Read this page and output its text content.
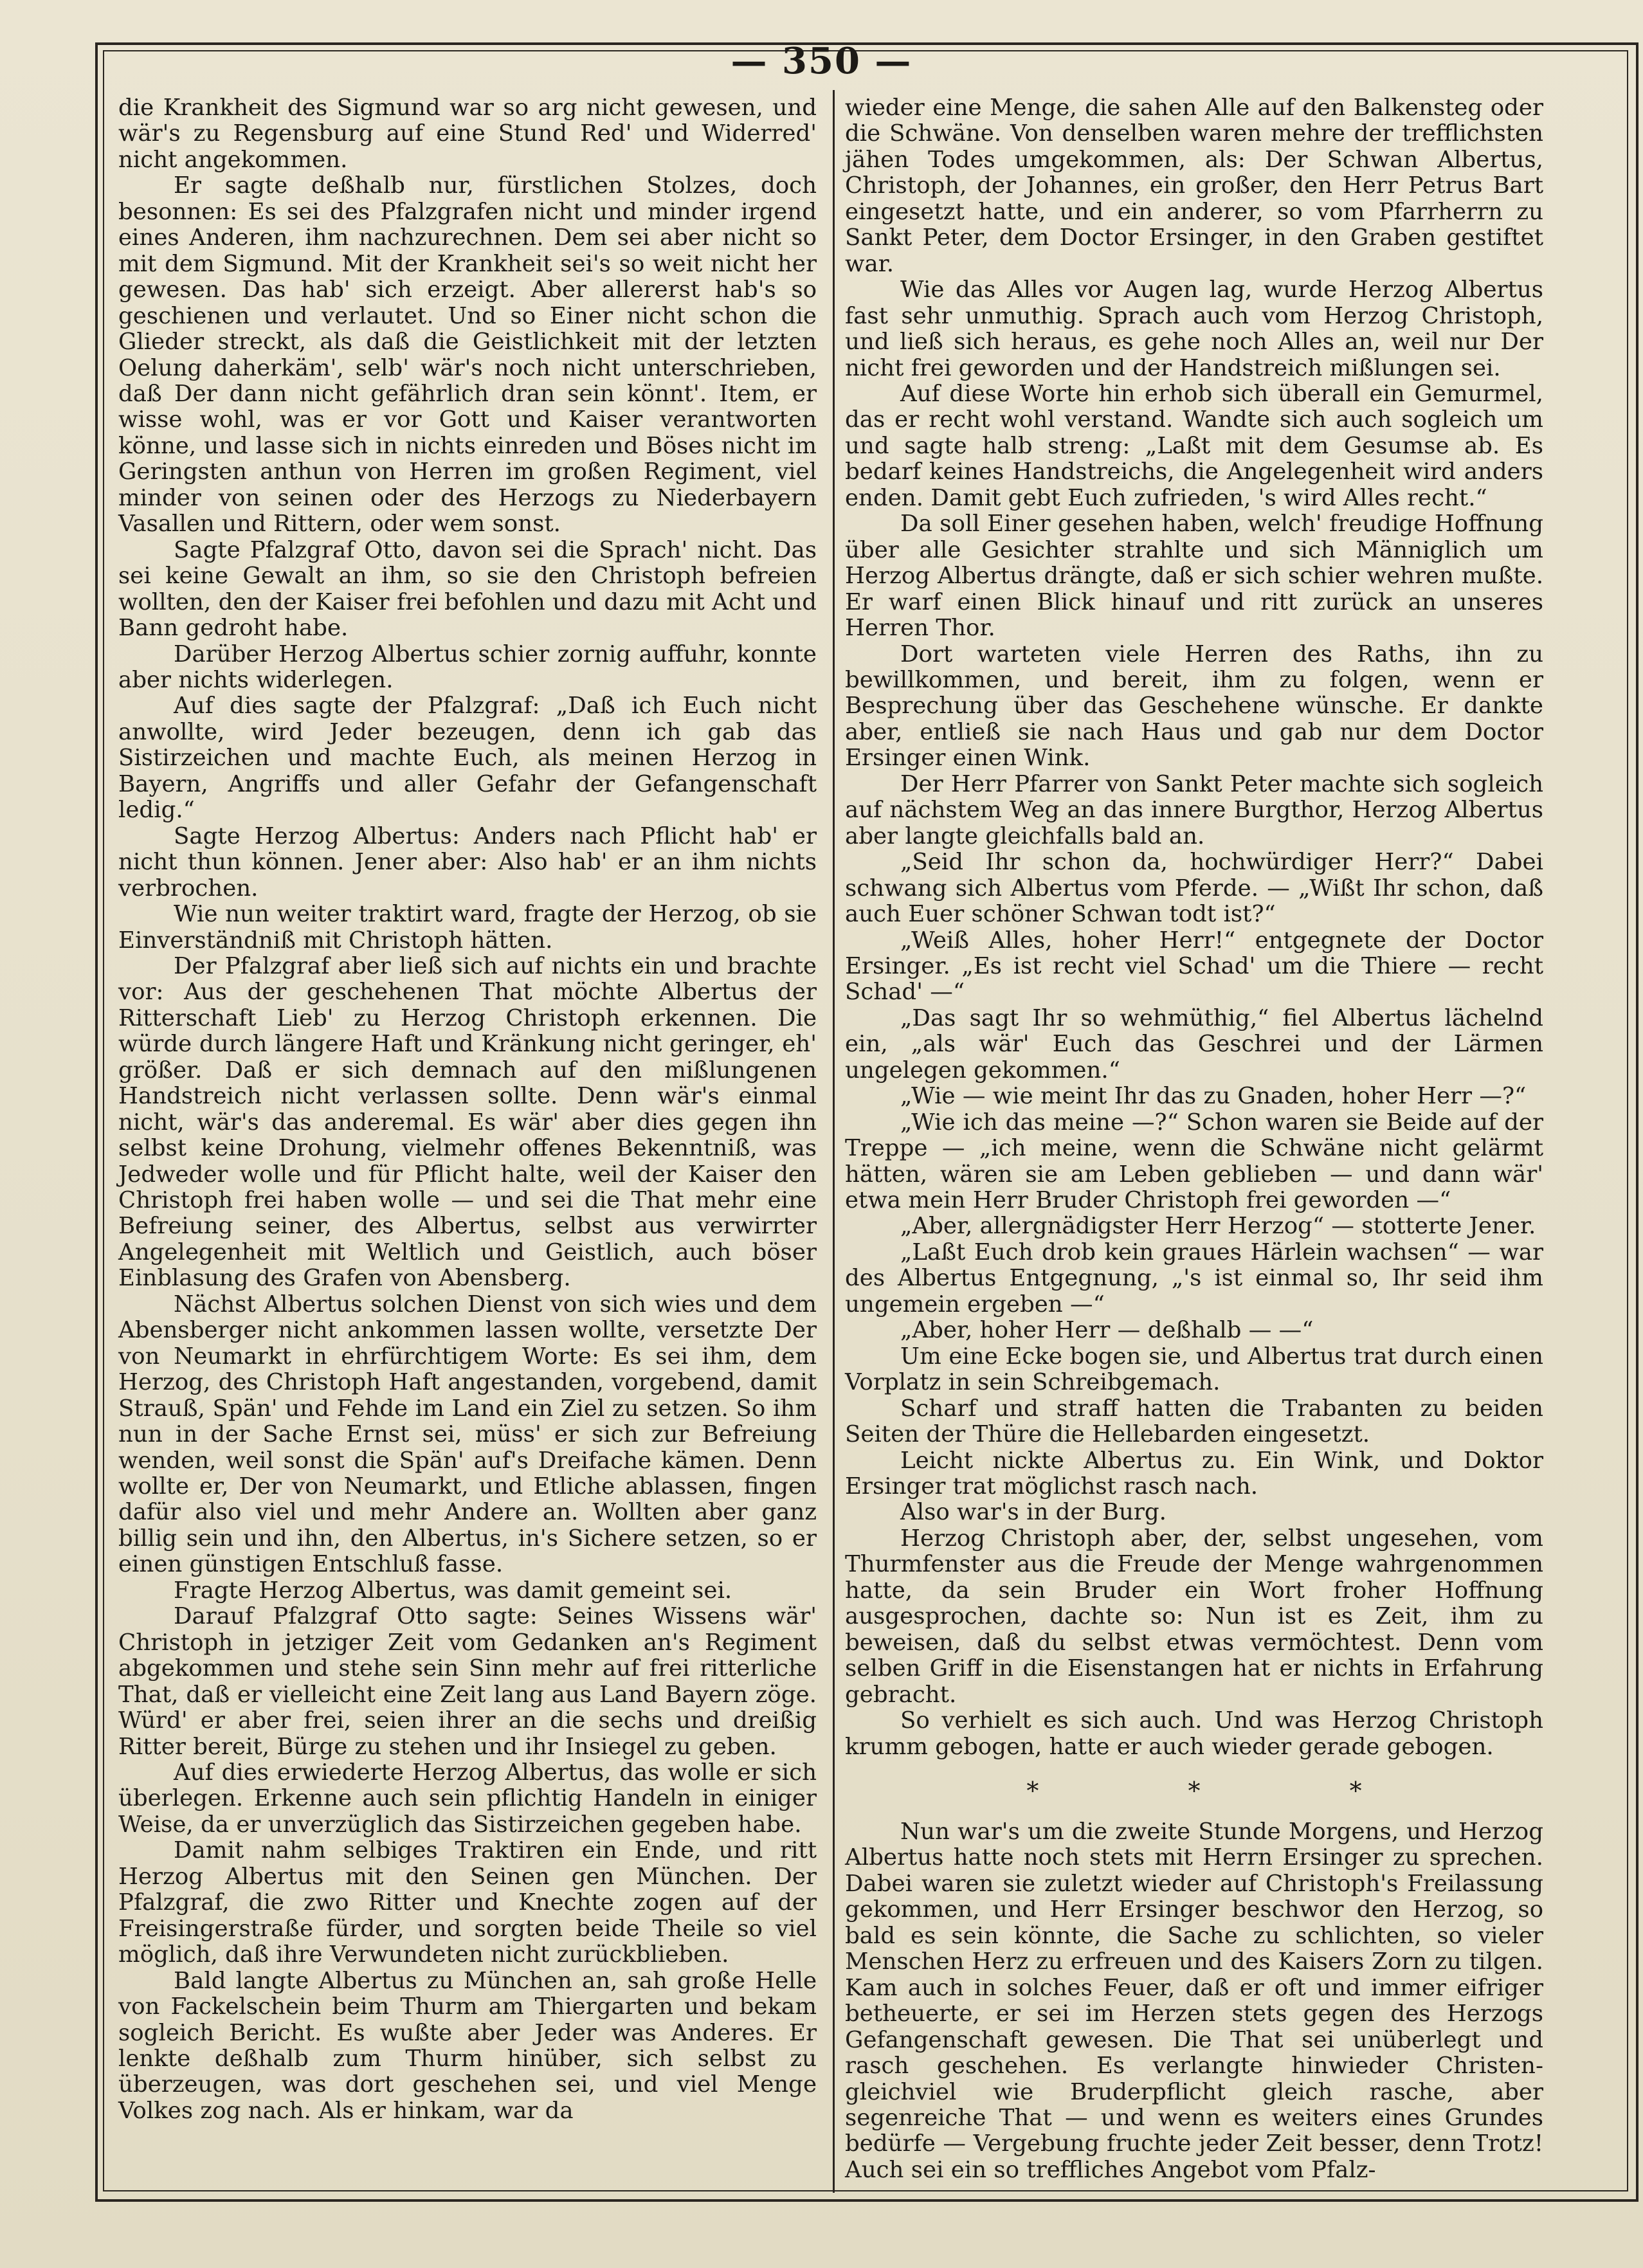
— 350 —

die Krankheit des Sigmund war so arg nicht gewesen, und wär's zu Regensburg auf eine Stund Red' und Widerred' nicht angekommen.

Er sagte deßhalb nur, fürstlichen Stolzes, doch besonnen: Es sei des Pfalzgrafen nicht und minder irgend eines Anderen, ihm nachzurechnen. Dem sei aber nicht so mit dem Sigmund. Mit der Krankheit sei's so weit nicht her gewesen. Das hab' sich erzeigt. Aber allererst hab's so geschienen und verlautet. Und so Einer nicht schon die Glieder streckt, als daß die Geistlichkeit mit der letzten Oelung daherkäm', selb' wär's noch nicht unterschrieben, daß Der dann nicht gefährlich dran sein könnt'. Item, er wisse wohl, was er vor Gott und Kaiser verantworten könne, und lasse sich in nichts einreden und Böses nicht im Geringsten anthun von Herren im großen Regiment, viel minder von seinen oder des Herzogs zu Niederbayern Vasallen und Rittern, oder wem sonst.

Sagte Pfalzgraf Otto, davon sei die Sprach' nicht. Das sei keine Gewalt an ihm, so sie den Christoph befreien wollten, den der Kaiser frei befohlen und dazu mit Acht und Bann gedroht habe.

Darüber Herzog Albertus schier zornig auffuhr, konnte aber nichts widerlegen.

Auf dies sagte der Pfalzgraf: „Daß ich Euch nicht anwollte, wird Jeder bezeugen, denn ich gab das Sistirzeichen und machte Euch, als meinen Herzog in Bayern, Angriffs und aller Gefahr der Gefangenschaft ledig.“

Sagte Herzog Albertus: Anders nach Pflicht hab' er nicht thun können. Jener aber: Also hab' er an ihm nichts verbrochen.

Wie nun weiter traktirt ward, fragte der Herzog, ob sie Einverständniß mit Christoph hätten.

Der Pfalzgraf aber ließ sich auf nichts ein und brachte vor: Aus der geschehenen That möchte Albertus der Ritterschaft Lieb' zu Herzog Christoph erkennen. Die würde durch längere Haft und Kränkung nicht geringer, eh' größer. Daß er sich demnach auf den mißlungenen Handstreich nicht verlassen sollte. Denn wär's einmal nicht, wär's das anderemal. Es wär' aber dies gegen ihn selbst keine Drohung, vielmehr offenes Bekenntniß, was Jedweder wolle und für Pflicht halte, weil der Kaiser den Christoph frei haben wolle — und sei die That mehr eine Befreiung seiner, des Albertus, selbst aus verwirrter Angelegenheit mit Weltlich und Geistlich, auch böser Einblasung des Grafen von Abensberg.

Nächst Albertus solchen Dienst von sich wies und dem Abensberger nicht ankommen lassen wollte, versetzte Der von Neumarkt in ehrfürchtigem Worte: Es sei ihm, dem Herzog, des Christoph Haft angestanden, vorgebend, damit Strauß, Spän' und Fehde im Land ein Ziel zu setzen. So ihm nun in der Sache Ernst sei, müss' er sich zur Befreiung wenden, weil sonst die Spän' auf's Dreifache kämen. Denn wollte er, Der von Neumarkt, und Etliche ablassen, fingen dafür also viel und mehr Andere an. Wollten aber ganz billig sein und ihn, den Albertus, in's Sichere setzen, so er einen günstigen Entschluß fasse.

Fragte Herzog Albertus, was damit gemeint sei.

Darauf Pfalzgraf Otto sagte: Seines Wissens wär' Christoph in jetziger Zeit vom Gedanken an's Regiment abgekommen und stehe sein Sinn mehr auf frei ritterliche That, daß er vielleicht eine Zeit lang aus Land Bayern zöge. Würd' er aber frei, seien ihrer an die sechs und dreißig Ritter bereit, Bürge zu stehen und ihr Insiegel zu geben.

Auf dies erwiederte Herzog Albertus, das wolle er sich überlegen. Erkenne auch sein pflichtig Handeln in einiger Weise, da er unverzüglich das Sistirzeichen gegeben habe.

Damit nahm selbiges Traktiren ein Ende, und ritt Herzog Albertus mit den Seinen gen München. Der Pfalzgraf, die zwo Ritter und Knechte zogen auf der Freisingerstraße fürder, und sorgten beide Theile so viel möglich, daß ihre Verwundeten nicht zurückblieben.

Bald langte Albertus zu München an, sah große Helle von Fackelschein beim Thurm am Thiergarten und bekam sogleich Bericht. Es wußte aber Jeder was Anderes. Er lenkte deßhalb zum Thurm hinüber, sich selbst zu überzeugen, was dort geschehen sei, und viel Menge Volkes zog nach. Als er hinkam, war da

wieder eine Menge, die sahen Alle auf den Balkensteg oder die Schwäne. Von denselben waren mehre der trefflichsten jähen Todes umgekommen, als: Der Schwan Albertus, Christoph, der Johannes, ein großer, den Herr Petrus Bart eingesetzt hatte, und ein anderer, so vom Pfarrherrn zu Sankt Peter, dem Doctor Ersinger, in den Graben gestiftet war.

Wie das Alles vor Augen lag, wurde Herzog Albertus fast sehr unmuthig. Sprach auch vom Herzog Christoph, und ließ sich heraus, es gehe noch Alles an, weil nur Der nicht frei geworden und der Handstreich mißlungen sei.

Auf diese Worte hin erhob sich überall ein Gemurmel, das er recht wohl verstand. Wandte sich auch sogleich um und sagte halb streng: „Laßt mit dem Gesumse ab. Es bedarf keines Handstreichs, die Angelegenheit wird anders enden. Damit gebt Euch zufrieden, 's wird Alles recht.“

Da soll Einer gesehen haben, welch' freudige Hoffnung über alle Gesichter strahlte und sich Männiglich um Herzog Albertus drängte, daß er sich schier wehren mußte. Er warf einen Blick hinauf und ritt zurück an unseres Herren Thor.

Dort warteten viele Herren des Raths, ihn zu bewillkommen, und bereit, ihm zu folgen, wenn er Besprechung über das Geschehene wünsche. Er dankte aber, entließ sie nach Haus und gab nur dem Doctor Ersinger einen Wink.

Der Herr Pfarrer von Sankt Peter machte sich sogleich auf nächstem Weg an das innere Burgthor, Herzog Albertus aber langte gleichfalls bald an.

„Seid Ihr schon da, hochwürdiger Herr?“ Dabei schwang sich Albertus vom Pferde. — „Wißt Ihr schon, daß auch Euer schöner Schwan todt ist?“

„Weiß Alles, hoher Herr!“ entgegnete der Doctor Ersinger. „Es ist recht viel Schad' um die Thiere — recht Schad' —“

„Das sagt Ihr so wehmüthig,“ fiel Albertus lächelnd ein, „als wär' Euch das Geschrei und der Lärmen ungelegen gekommen.“

„Wie — wie meint Ihr das zu Gnaden, hoher Herr —?“

„Wie ich das meine —?“ Schon waren sie Beide auf der Treppe — „ich meine, wenn die Schwäne nicht gelärmt hätten, wären sie am Leben geblieben — und dann wär' etwa mein Herr Bruder Christoph frei geworden —“

„Aber, allergnädigster Herr Herzog“ — stotterte Jener.

„Laßt Euch drob kein graues Härlein wachsen“ — war des Albertus Entgegnung, „'s ist einmal so, Ihr seid ihm ungemein ergeben —“

„Aber, hoher Herr — deßhalb — —“

Um eine Ecke bogen sie, und Albertus trat durch einen Vorplatz in sein Schreibgemach.

Scharf und straff hatten die Trabanten zu beiden Seiten der Thüre die Hellebarden eingesetzt.

Leicht nickte Albertus zu. Ein Wink, und Doktor Ersinger trat möglichst rasch nach.

Also war's in der Burg.

Herzog Christoph aber, der, selbst ungesehen, vom Thurmfenster aus die Freude der Menge wahrgenommen hatte, da sein Bruder ein Wort froher Hoffnung ausgesprochen, dachte so: Nun ist es Zeit, ihm zu beweisen, daß du selbst etwas vermöchtest. Denn vom selben Griff in die Eisenstangen hat er nichts in Erfahrung gebracht.

So verhielt es sich auch. Und was Herzog Christoph krumm gebogen, hatte er auch wieder gerade gebogen.

* * *

Nun war's um die zweite Stunde Morgens, und Herzog Albertus hatte noch stets mit Herrn Ersinger zu sprechen. Dabei waren sie zuletzt wieder auf Christoph's Freilassung gekommen, und Herr Ersinger beschwor den Herzog, so bald es sein könnte, die Sache zu schlichten, so vieler Menschen Herz zu erfreuen und des Kaisers Zorn zu tilgen. Kam auch in solches Feuer, daß er oft und immer eifriger betheuerte, er sei im Herzen stets gegen des Herzogs Gefangenschaft gewesen. Die That sei unüberlegt und rasch geschehen. Es verlangte hinwieder Christen- gleichviel wie Bruderpflicht gleich rasche, aber segenreiche That — und wenn es weiters eines Grundes bedürfe — Vergebung fruchte jeder Zeit besser, denn Trotz! Auch sei ein so treffliches Angebot vom Pfalz-
